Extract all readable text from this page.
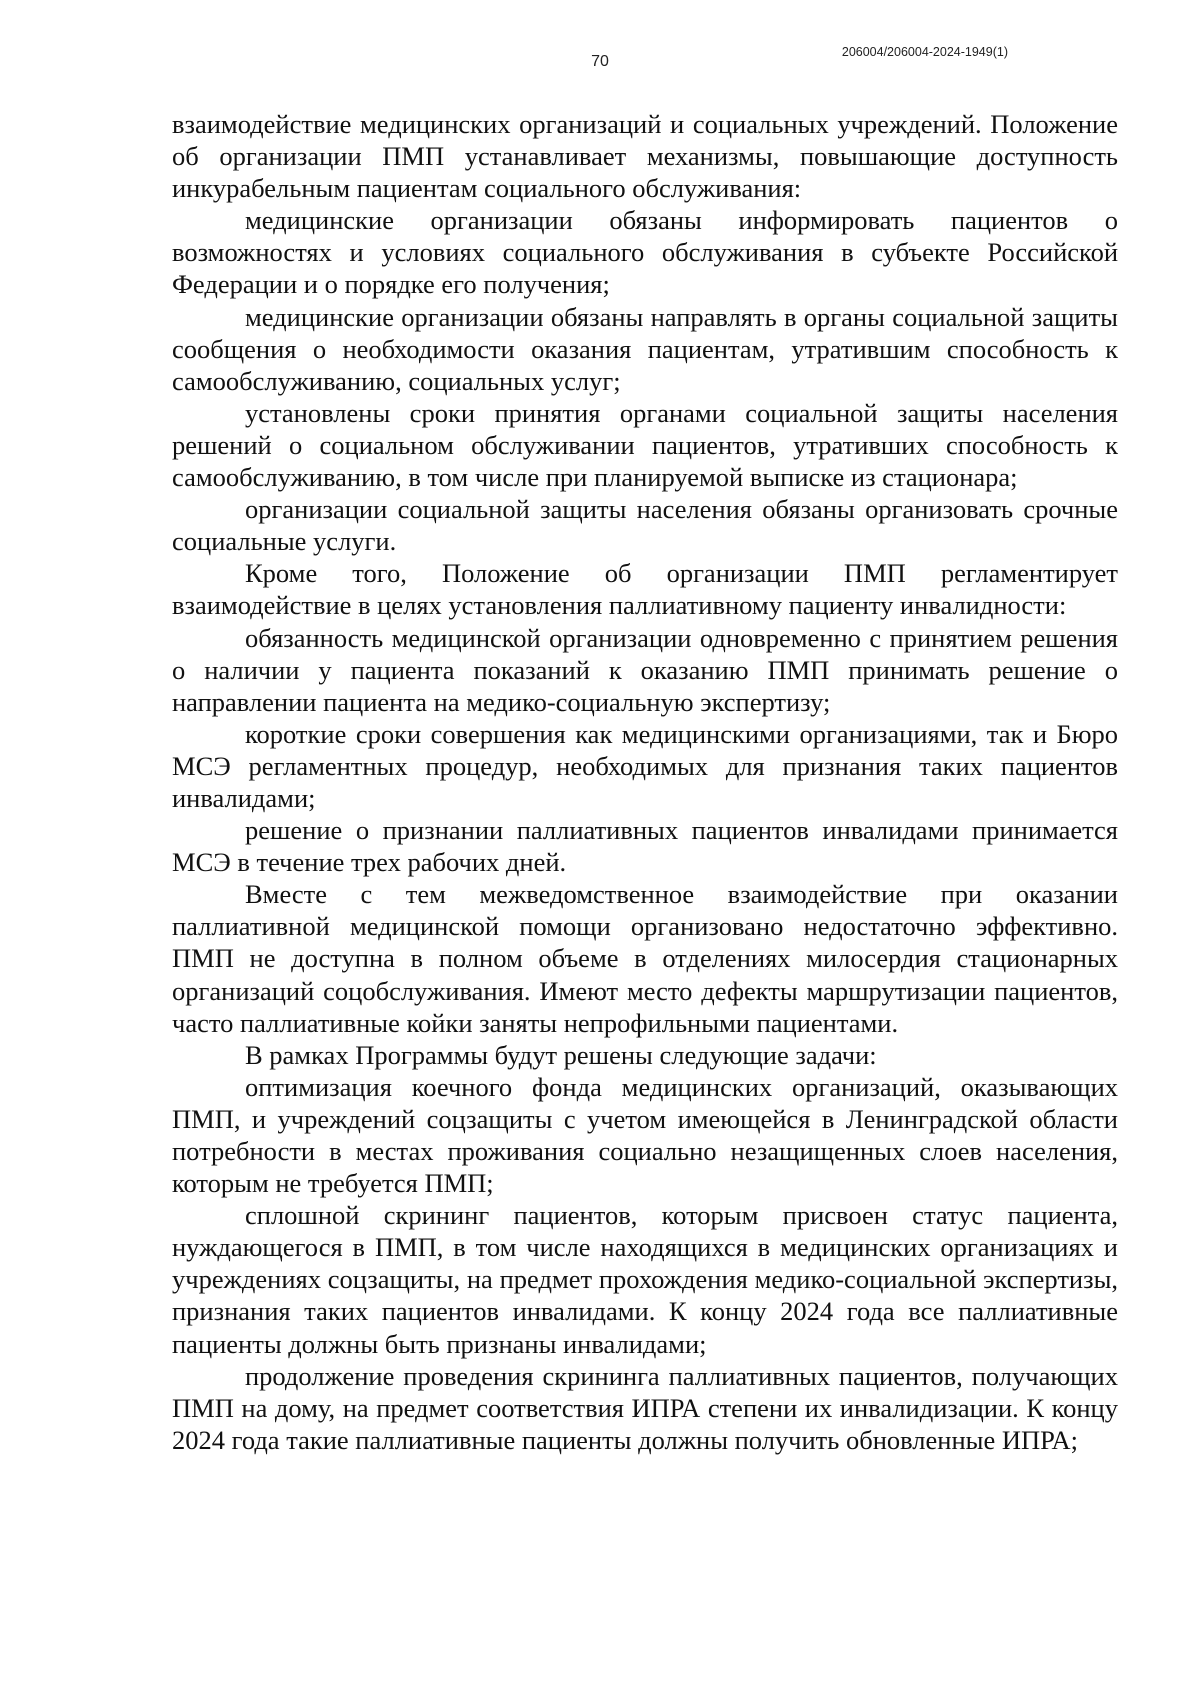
206004/206004-2024-1949(1)
70

взаимодействие медицинских организаций и социальных учреждений. Положение об организации ПМП устанавливает механизмы, повышающие доступность инкурабельным пациентам социального обслуживания:

медицинские организации обязаны информировать пациентов о возможностях и условиях социального обслуживания в субъекте Российской Федерации и о порядке его получения;

медицинские организации обязаны направлять в органы социальной защиты сообщения о необходимости оказания пациентам, утратившим способность к самообслуживанию, социальных услуг;

установлены сроки принятия органами социальной защиты населения решений о социальном обслуживании пациентов, утративших способность к самообслуживанию, в том числе при планируемой выписке из стационара;

организации социальной защиты населения обязаны организовать срочные социальные услуги.

Кроме того, Положение об организации ПМП регламентирует взаимодействие в целях установления паллиативному пациенту инвалидности:

обязанность медицинской организации одновременно с принятием решения о наличии у пациента показаний к оказанию ПМП принимать решение о направлении пациента на медико-социальную экспертизу;

короткие сроки совершения как медицинскими организациями, так и Бюро МСЭ регламентных процедур, необходимых для признания таких пациентов инвалидами;

решение о признании паллиативных пациентов инвалидами принимается МСЭ в течение трех рабочих дней.

Вместе с тем межведомственное взаимодействие при оказании паллиативной медицинской помощи организовано недостаточно эффективно. ПМП не доступна в полном объеме в отделениях милосердия стационарных организаций соцобслуживания. Имеют место дефекты маршрутизации пациентов, часто паллиативные койки заняты непрофильными пациентами.

В рамках Программы будут решены следующие задачи:

оптимизация коечного фонда медицинских организаций, оказывающих ПМП, и учреждений соцзащиты с учетом имеющейся в Ленинградской области потребности в местах проживания социально незащищенных слоев населения, которым не требуется ПМП;

сплошной скрининг пациентов, которым присвоен статус пациента, нуждающегося в ПМП, в том числе находящихся в медицинских организациях и учреждениях соцзащиты, на предмет прохождения медико-социальной экспертизы, признания таких пациентов инвалидами. К концу 2024 года все паллиативные пациенты должны быть признаны инвалидами;

продолжение проведения скрининга паллиативных пациентов, получающих ПМП на дому, на предмет соответствия ИПРА степени их инвалидизации. К концу 2024 года такие паллиативные пациенты должны получить обновленные ИПРА;
